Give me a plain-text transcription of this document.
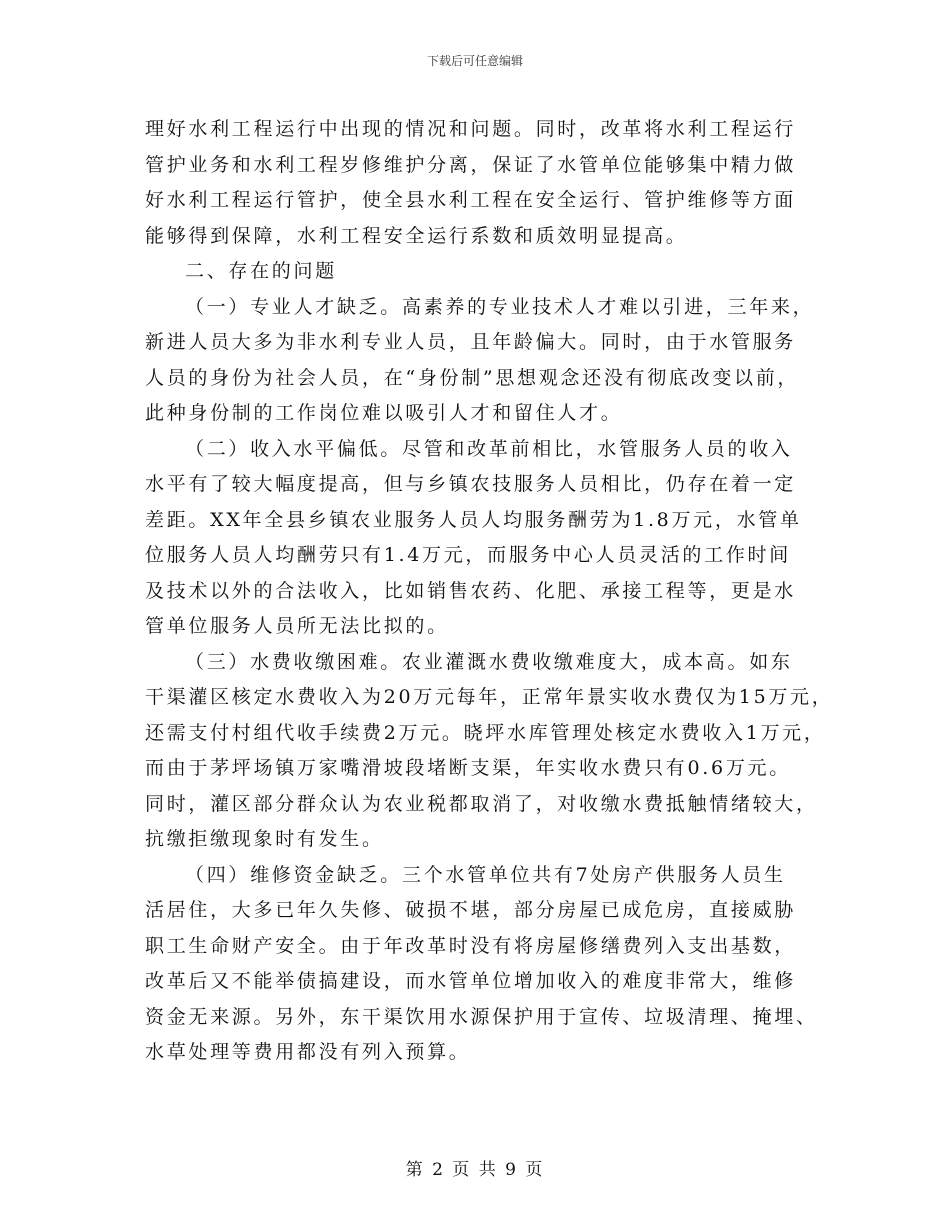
下载后可任意编辑
理好水利工程运行中出现的情况和问题。同时，改革将水利工程运行
管护业务和水利工程岁修维护分离，保证了水管单位能够集中精力做
好水利工程运行管护，使全县水利工程在安全运行、管护维修等方面
能够得到保障，水利工程安全运行系数和质效明显提高。
二、存在的问题
（一）专业人才缺乏。高素养的专业技术人才难以引进，三年来，
新进人员大多为非水利专业人员，且年龄偏大。同时，由于水管服务
人员的身份为社会人员，在“身份制”思想观念还没有彻底改变以前，
此种身份制的工作岗位难以吸引人才和留住人才。
（二）收入水平偏低。尽管和改革前相比，水管服务人员的收入
水平有了较大幅度提高，但与乡镇农技服务人员相比，仍存在着一定
差距。XX年全县乡镇农业服务人员人均服务酬劳为1.8万元，水管单
位服务人员人均酬劳只有1.4万元，而服务中心人员灵活的工作时间
及技术以外的合法收入，比如销售农药、化肥、承接工程等，更是水
管单位服务人员所无法比拟的。
（三）水费收缴困难。农业灌溉水费收缴难度大，成本高。如东
干渠灌区核定水费收入为20万元每年，正常年景实收水费仅为15万元，
还需支付村组代收手续费2万元。晓坪水库管理处核定水费收入1万元，
而由于茅坪场镇万家嘴滑坡段堵断支渠，年实收水费只有0.6万元。
同时，灌区部分群众认为农业税都取消了，对收缴水费抵触情绪较大，
抗缴拒缴现象时有发生。
（四）维修资金缺乏。三个水管单位共有7处房产供服务人员生
活居住，大多已年久失修、破损不堪，部分房屋已成危房，直接威胁
职工生命财产安全。由于年改革时没有将房屋修缮费列入支出基数，
改革后又不能举债搞建设，而水管单位增加收入的难度非常大，维修
资金无来源。另外，东干渠饮用水源保护用于宣传、垃圾清理、掩埋、
水草处理等费用都没有列入预算。
第 2 页 共 9 页
